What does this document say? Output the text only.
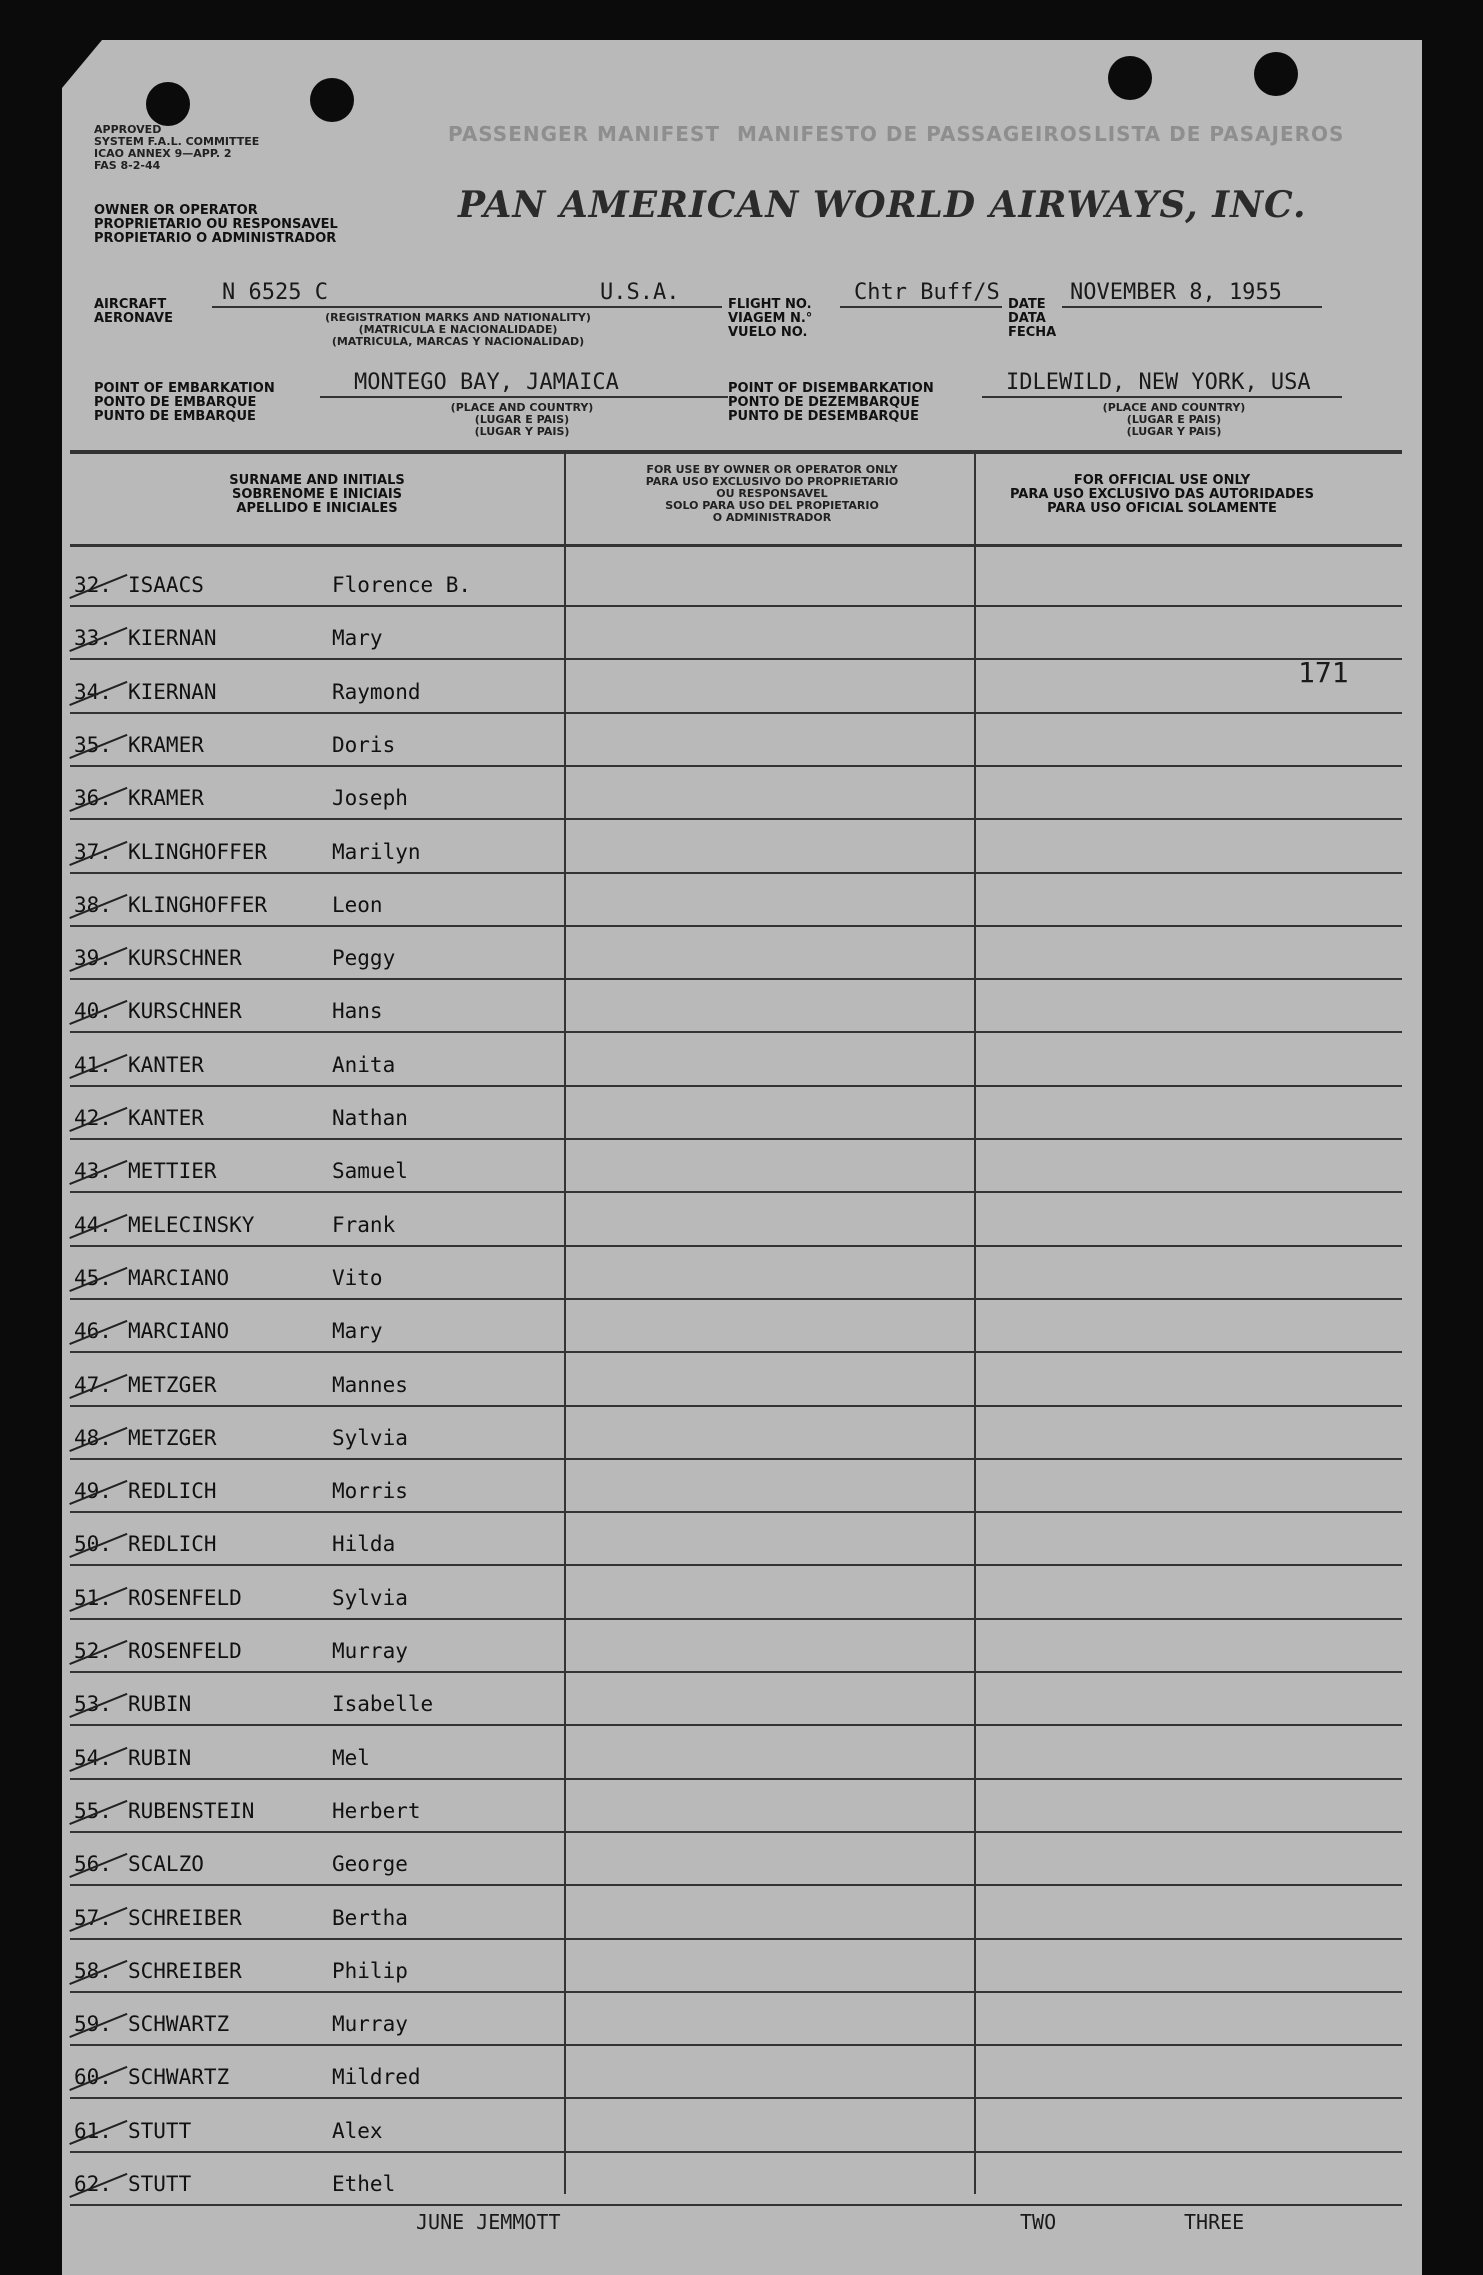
APPROVED
SYSTEM F.A.L. COMMITTEE
ICAO ANNEX 9—APP. 2
FAS 8-2-44
PASSENGER MANIFEST MANIFESTO DE PASSAGEIROS LISTA DE PASAJEROS
OWNER OR OPERATOR
PROPRIETARIO OU RESPONSAVEL
PROPIETARIO O ADMINISTRADOR
PAN AMERICAN WORLD AIRWAYS, INC.
AIRCRAFT
AERONAVE
N 6525 C	U.S.A.
(REGISTRATION MARKS AND NATIONALITY)
(MATRICULA E NACIONALIDADE)
(MATRICULA, MARCAS Y NACIONALIDAD)
FLIGHT NO.
VIAGEM N.°
VUELO NO.
Chtr Buff/S DATE
DATA
FECHA
NOVEMBER 8, 1955
POINT OF EMBARKATION
PONTO DE EMBARQUE
PUNTO DE EMBARQUE
MONTEGO BAY, JAMAICA
(PLACE AND COUNTRY)
(LUGAR E PAIS)
(LUGAR Y PAIS)
POINT OF DISEMBARKATION
PONTO DE DEZEMBARQUE
PUNTO DE DESEMBARQUE
IDLEWILD, NEW YORK, USA
(PLACE AND COUNTRY)
(LUGAR E PAIS)
(LUGAR Y PAIS)
SURNAME AND INITIALS
SOBRENOME E INICIAIS
APELLIDO E INICIALES
FOR USE BY OWNER OR OPERATOR ONLY
PARA USO EXCLUSIVO DO PROPRIETARIO
OU RESPONSAVEL
SOLO PARA USO DEL PROPIETARIO
O ADMINISTRADOR
FOR OFFICIAL USE ONLY
PARA USO EXCLUSIVO DAS AUTORIDADES
PARA USO OFICIAL SOLAMENTE
32. ISAACS	Florence B.
33. KIERNAN	Mary
34. KIERNAN	Raymond
35. KRAMER	Doris
36. KRAMER	Joseph
37. KLINGHOFFER	Marilyn
38. KLINGHOFFER	Leon
39. KURSCHNER	Peggy
40. KURSCHNER	Hans
41. KANTER	Anita
42. KANTER	Nathan
43. METTIER	Samuel
44. MELECINSKY	Frank
45. MARCIANO	Vito
46. MARCIANO	Mary
47. METZGER	Mannes
48. METZGER	Sylvia
49. REDLICH	Morris
50. REDLICH	Hilda
51. ROSENFELD	Sylvia
52. ROSENFELD	Murray
53. RUBIN	Isabelle
54. RUBIN	Mel
55. RUBENSTEIN	Herbert
56. SCALZO	George
57. SCHREIBER	Bertha
58. SCHREIBER	Philip
59. SCHWARTZ	Murray
60. SCHWARTZ	Mildred
61. STUTT	Alex
62. STUTT	Ethel
171
JUNE JEMMOTT	TWO	THREE
